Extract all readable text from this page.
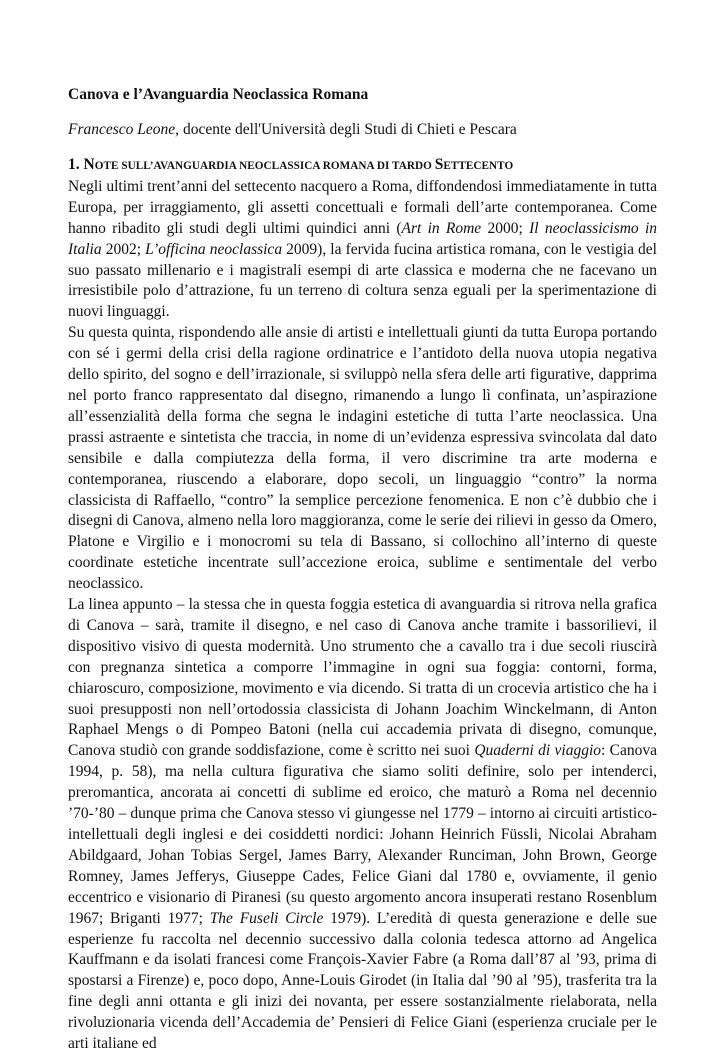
Canova e l’Avanguardia Neoclassica Romana
Francesco Leone, docente dell'Università degli Studi di Chieti e Pescara
1. NOTE SULL’AVANGUARDIA NEOCLASSICA ROMANA DI TARDO SETTECENTO
Negli ultimi trent’anni del settecento nacquero a Roma, diffondendosi immediatamente in tutta Europa, per irraggiamento, gli assetti concettuali e formali dell’arte contemporanea. Come hanno ribadito gli studi degli ultimi quindici anni (Art in Rome 2000; Il neoclassicismo in Italia 2002; L’officina neoclassica 2009), la fervida fucina artistica romana, con le vestigia del suo passato millenario e i magistrali esempi di arte classica e moderna che ne facevano un irresistibile polo d’attrazione, fu un terreno di coltura senza eguali per la sperimentazione di nuovi linguaggi.
Su questa quinta, rispondendo alle ansie di artisti e intellettuali giunti da tutta Europa portando con sé i germi della crisi della ragione ordinatrice e l’antidoto della nuova utopia negativa dello spirito, del sogno e dell’irrazionale, si sviluppò nella sfera delle arti figurative, dapprima nel porto franco rappresentato dal disegno, rimanendo a lungo lì confinata, un’aspirazione all’essenzialità della forma che segna le indagini estetiche di tutta l’arte neoclassica. Una prassi astraente e sintetista che traccia, in nome di un’evidenza espressiva svincolata dal dato sensibile e dalla compiutezza della forma, il vero discrimine tra arte moderna e contemporanea, riuscendo a elaborare, dopo secoli, un linguaggio “contro” la norma classicista di Raffaello, “contro” la semplice percezione fenomenica. E non c’è dubbio che i disegni di Canova, almeno nella loro maggioranza, come le serie dei rilievi in gesso da Omero, Platone e Virgilio e i monocromi su tela di Bassano, si collochino all’interno di queste coordinate estetiche incentrate sull’accezione eroica, sublime e sentimentale del verbo neoclassico.
La linea appunto – la stessa che in questa foggia estetica di avanguardia si ritrova nella grafica di Canova – sarà, tramite il disegno, e nel caso di Canova anche tramite i bassorilievi, il dispositivo visivo di questa modernità. Uno strumento che a cavallo tra i due secoli riuscirà con pregnanza sintetica a comporre l’immagine in ogni sua foggia: contorni, forma, chiaroscuro, composizione, movimento e via dicendo. Si tratta di un crocevia artistico che ha i suoi presupposti non nell’ortodossia classicista di Johann Joachim Winckelmann, di Anton Raphael Mengs o di Pompeo Batoni (nella cui accademia privata di disegno, comunque, Canova studiò con grande soddisfazione, come è scritto nei suoi Quaderni di viaggio: Canova 1994, p. 58), ma nella cultura figurativa che siamo soliti definire, solo per intenderci, preromantica, ancorata ai concetti di sublime ed eroico, che maturò a Roma nel decennio ’70-’80 – dunque prima che Canova stesso vi giungesse nel 1779 – intorno ai circuiti artistico-intellettuali degli inglesi e dei cosiddetti nordici: Johann Heinrich Füssli, Nicolai Abraham Abildgaard, Johan Tobias Sergel, James Barry, Alexander Runciman, John Brown, George Romney, James Jefferys, Giuseppe Cades, Felice Giani dal 1780 e, ovviamente, il genio eccentrico e visionario di Piranesi (su questo argomento ancora insuperati restano Rosenblum 1967; Briganti 1977; The Fuseli Circle 1979). L’eredità di questa generazione e delle sue esperienze fu raccolta nel decennio successivo dalla colonia tedesca attorno ad Angelica Kauffmann e da isolati francesi come François-Xavier Fabre (a Roma dall’87 al ’93, prima di spostarsi a Firenze) e, poco dopo, Anne-Louis Girodet (in Italia dal ’90 al ’95), trasferita tra la fine degli anni ottanta e gli inizi dei novanta, per essere sostanzialmente rielaborata, nella rivoluzionaria vicenda dell’Accademia de’ Pensieri di Felice Giani (esperienza cruciale per le arti italiane ed
